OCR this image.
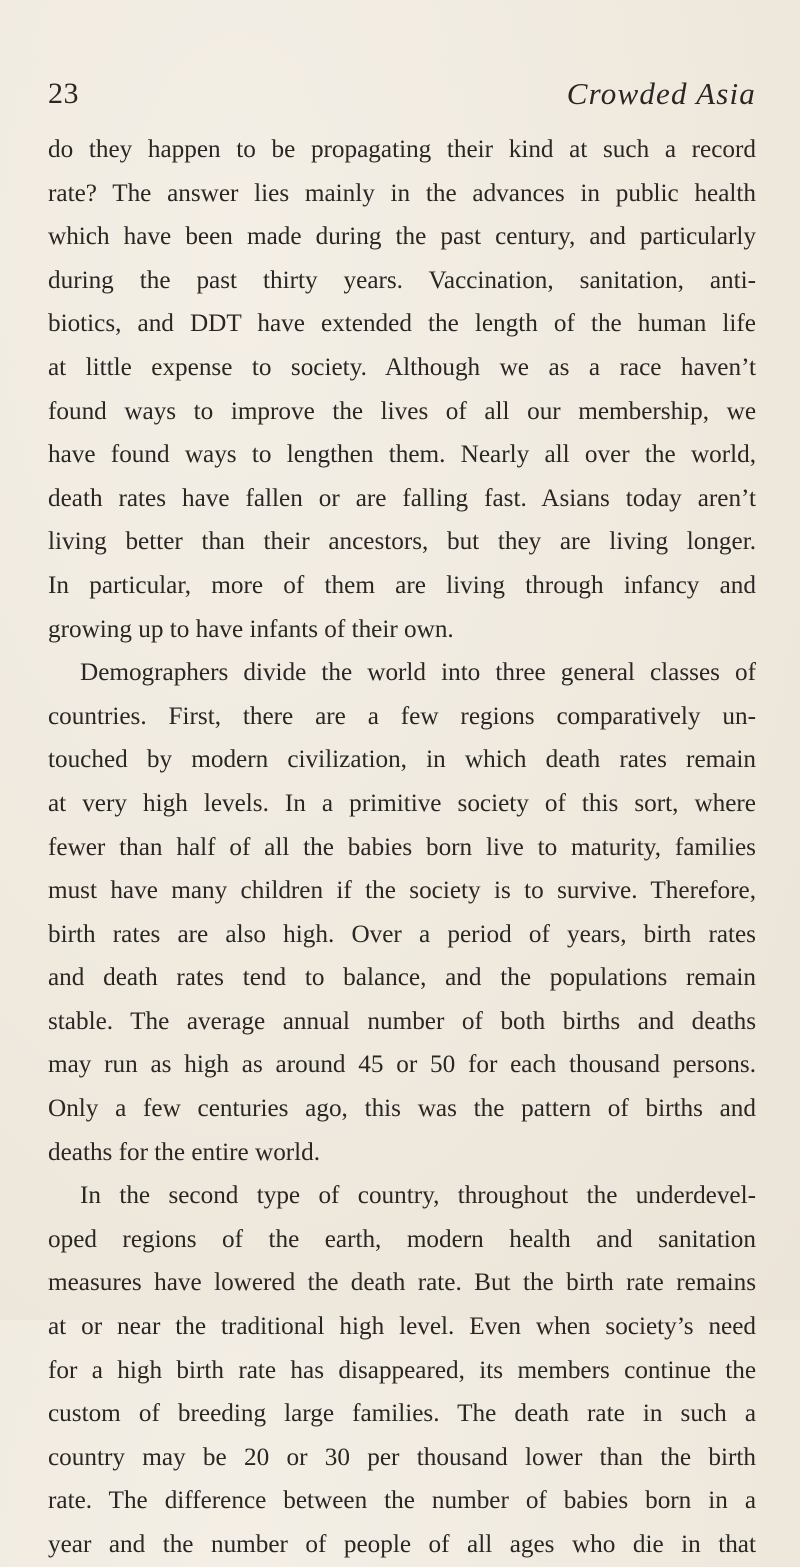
23	Crowded Asia
do they happen to be propagating their kind at such a record
rate? The answer lies mainly in the advances in public health
which have been made during the past century, and particularly
during the past thirty years. Vaccination, sanitation, anti-
biotics, and DDT have extended the length of the human life
at little expense to society. Although we as a race haven’t
found ways to improve the lives of all our membership, we
have found ways to lengthen them. Nearly all over the world,
death rates have fallen or are falling fast. Asians today aren’t
living better than their ancestors, but they are living longer.
In particular, more of them are living through infancy and
growing up to have infants of their own.
Demographers divide the world into three general classes of
countries. First, there are a few regions comparatively un-
touched by modern civilization, in which death rates remain
at very high levels. In a primitive society of this sort, where
fewer than half of all the babies born live to maturity, families
must have many children if the society is to survive. Therefore,
birth rates are also high. Over a period of years, birth rates
and death rates tend to balance, and the populations remain
stable. The average annual number of both births and deaths
may run as high as around 45 or 50 for each thousand persons.
Only a few centuries ago, this was the pattern of births and
deaths for the entire world.
In the second type of country, throughout the underdevel-
oped regions of the earth, modern health and sanitation
measures have lowered the death rate. But the birth rate remains
at or near the traditional high level. Even when society’s need
for a high birth rate has disappeared, its members continue the
custom of breeding large families. The death rate in such a
country may be 20 or 30 per thousand lower than the birth
rate. The difference between the number of babies born in a
year and the number of people of all ages who die in that
